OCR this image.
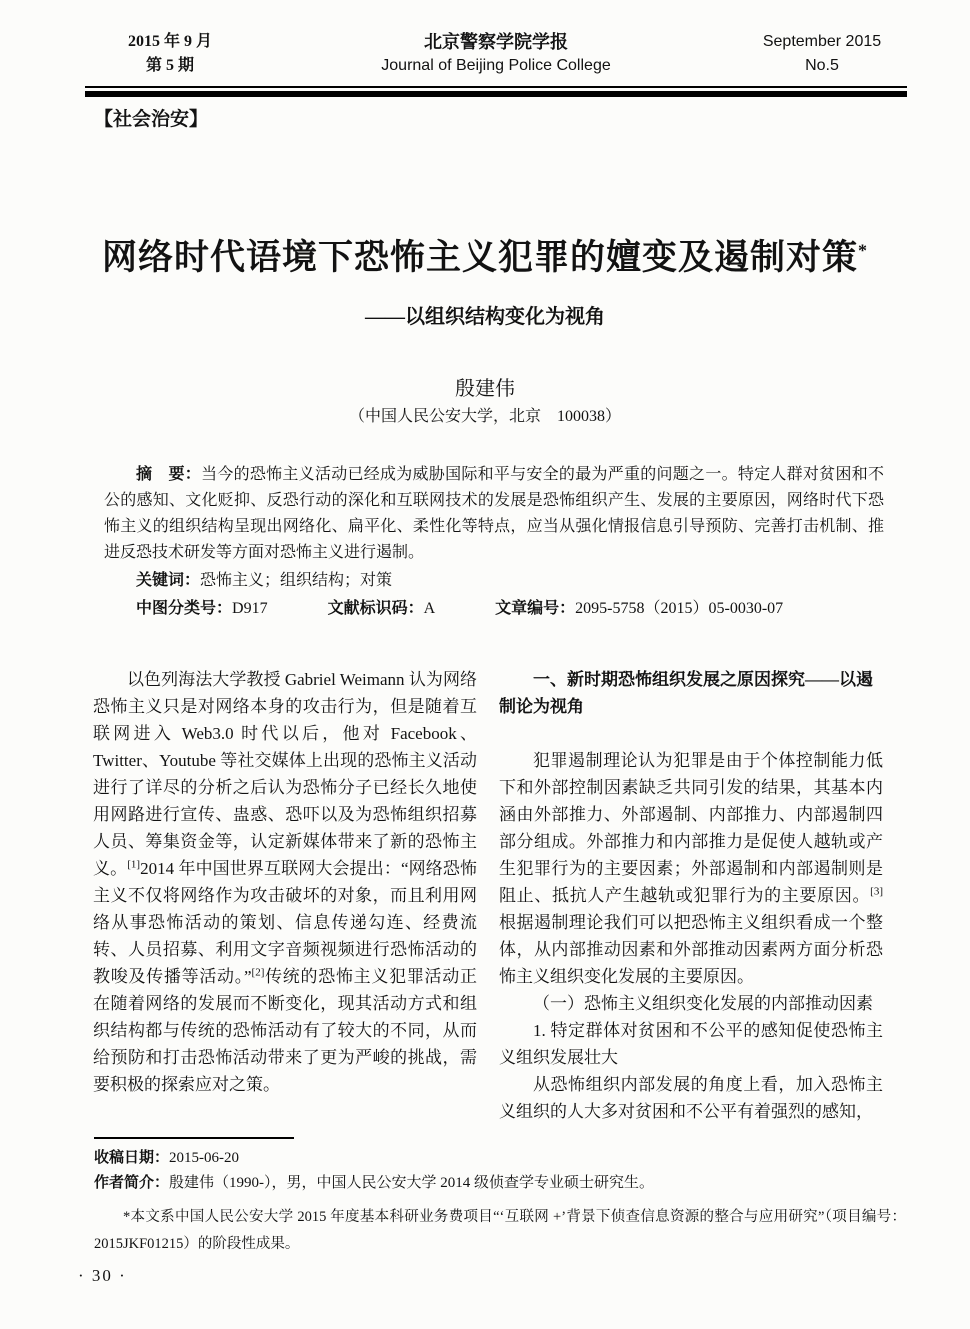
2015 年 9 月
第 5 期
北京警察学院学报
Journal of Beijing Police College
September 2015
No.5
【社会治安】
网络时代语境下恐怖主义犯罪的嬗变及遏制对策*
——以组织结构变化为视角
殷建伟
（中国人民公安大学，北京　100038）
摘　要：当今的恐怖主义活动已经成为威胁国际和平与安全的最为严重的问题之一。特定人群对贫困和不公的感知、文化贬抑、反恐行动的深化和互联网技术的发展是恐怖组织产生、发展的主要原因，网络时代下恐怖主义的组织结构呈现出网络化、扁平化、柔性化等特点，应当从强化情报信息引导预防、完善打击机制、推进反恐技术研发等方面对恐怖主义进行遏制。
关键词：恐怖主义；组织结构；对策
中图分类号：D917	文献标识码：A	文章编号：2095-5758（2015）05-0030-07

以色列海法大学教授 Gabriel Weimann 认为网络恐怖主义只是对网络本身的攻击行为，但是随着互联网进入 Web3.0 时代以后，他对 Facebook、Twitter、Youtube 等社交媒体上出现的恐怖主义活动进行了详尽的分析之后认为恐怖分子已经长久地使用网路进行宣传、蛊惑、恐吓以及为恐怖组织招募人员、筹集资金等，认定新媒体带来了新的恐怖主义。[1]2014 年中国世界互联网大会提出：“网络恐怖主义不仅将网络作为攻击破坏的对象，而且利用网络从事恐怖活动的策划、信息传递勾连、经费流转、人员招募、利用文字音频视频进行恐怖活动的教唆及传播等活动。”[2]传统的恐怖主义犯罪活动正在随着网络的发展而不断变化，现其活动方式和组织结构都与传统的恐怖活动有了较大的不同，从而给预防和打击恐怖活动带来了更为严峻的挑战，需要积极的探索应对之策。

一、新时期恐怖组织发展之原因探究——以遏制论为视角

犯罪遏制理论认为犯罪是由于个体控制能力低下和外部控制因素缺乏共同引发的结果，其基本内涵由外部推力、外部遏制、内部推力、内部遏制四部分组成。外部推力和内部推力是促使人越轨或产生犯罪行为的主要因素；外部遏制和内部遏制则是阻止、抵抗人产生越轨或犯罪行为的主要原因。[3]根据遏制理论我们可以把恐怖主义组织看成一个整体，从内部推动因素和外部推动因素两方面分析恐怖主义组织变化发展的主要原因。

（一）恐怖主义组织变化发展的内部推动因素

1. 特定群体对贫困和不公平的感知促使恐怖主义组织发展壮大

从恐怖组织内部发展的角度上看，加入恐怖主义组织的人大多对贫困和不公平有着强烈的感知，

收稿日期：2015-06-20
作者简介：殷建伟（1990-），男，中国人民公安大学 2014 级侦查学专业硕士研究生。
*本文系中国人民公安大学 2015 年度基本科研业务费项目“‘互联网 +’背景下侦查信息资源的整合与应用研究”（项目编号：2015JKF01215）的阶段性成果。
· 30 ·
